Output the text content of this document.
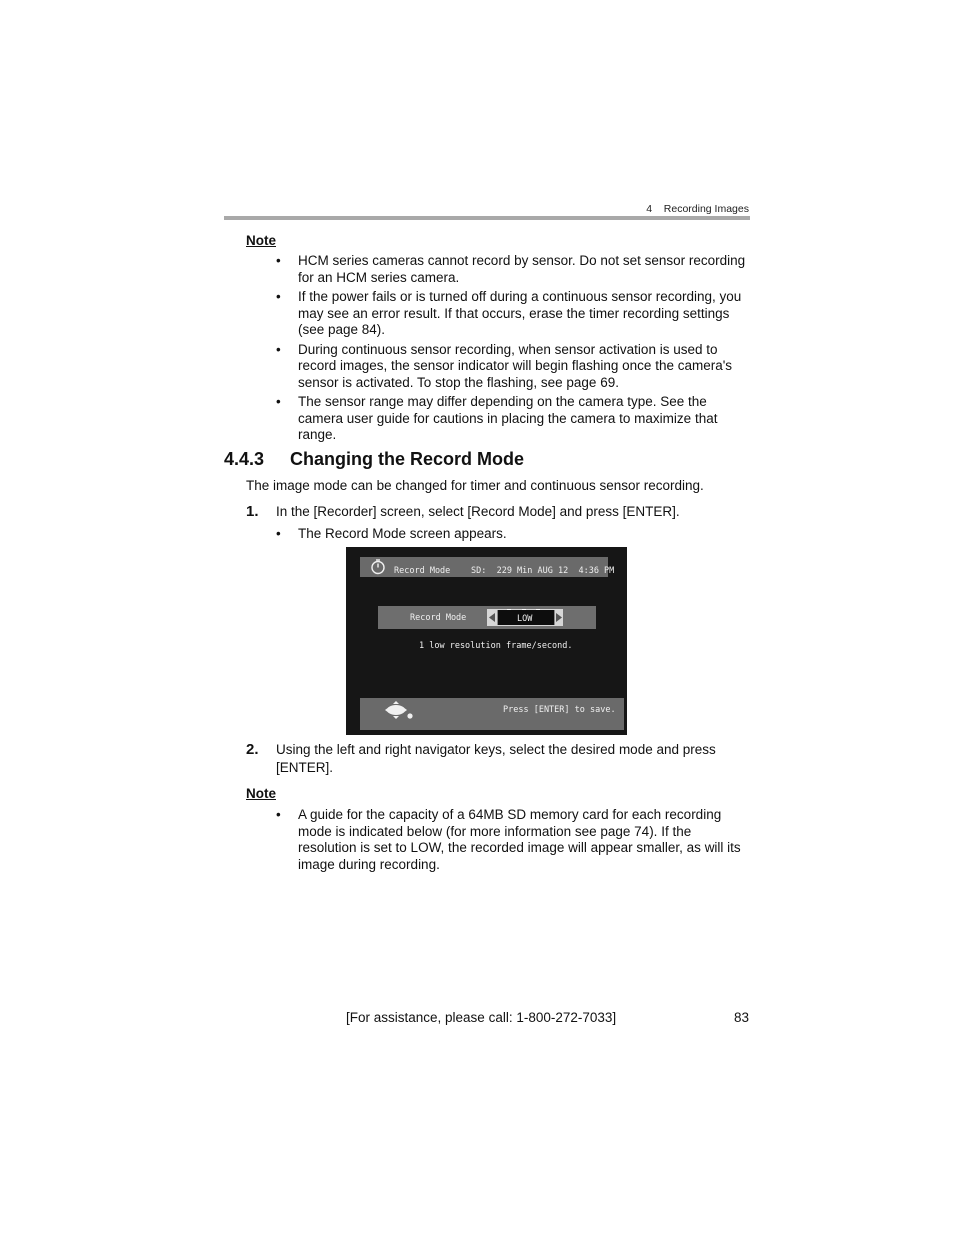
4 Recording Images
Note
• HCM series cameras cannot record by sensor. Do not set sensor recording for an HCM series camera.
• If the power fails or is turned off during a continuous sensor recording, you may see an error result. If that occurs, erase the timer recording settings (see page 84).
• During continuous sensor recording, when sensor activation is used to record images, the sensor indicator will begin flashing once the camera's sensor is activated. To stop the flashing, see page 69.
• The sensor range may differ depending on the camera type. See the camera user guide for cautions in placing the camera to maximize that range.
4.4.3 Changing the Record Mode
The image mode can be changed for timer and continuous sensor recording.
1. In the [Recorder] screen, select [Record Mode] and press [ENTER].
• The Record Mode screen appears.
Record Mode SD:  229 Min AUG 12  4:36 PM
Record Mode	LOW
1 low resolution frame/second.
Press [ENTER] to save.
2. Using the left and right navigator keys, select the desired mode and press [ENTER].
Note
• A guide for the capacity of a 64MB SD memory card for each recording mode is indicated below (for more information see page 74). If the resolution is set to LOW, the recorded image will appear smaller, as will its image during recording.
[For assistance, please call: 1-800-272-7033]	83
